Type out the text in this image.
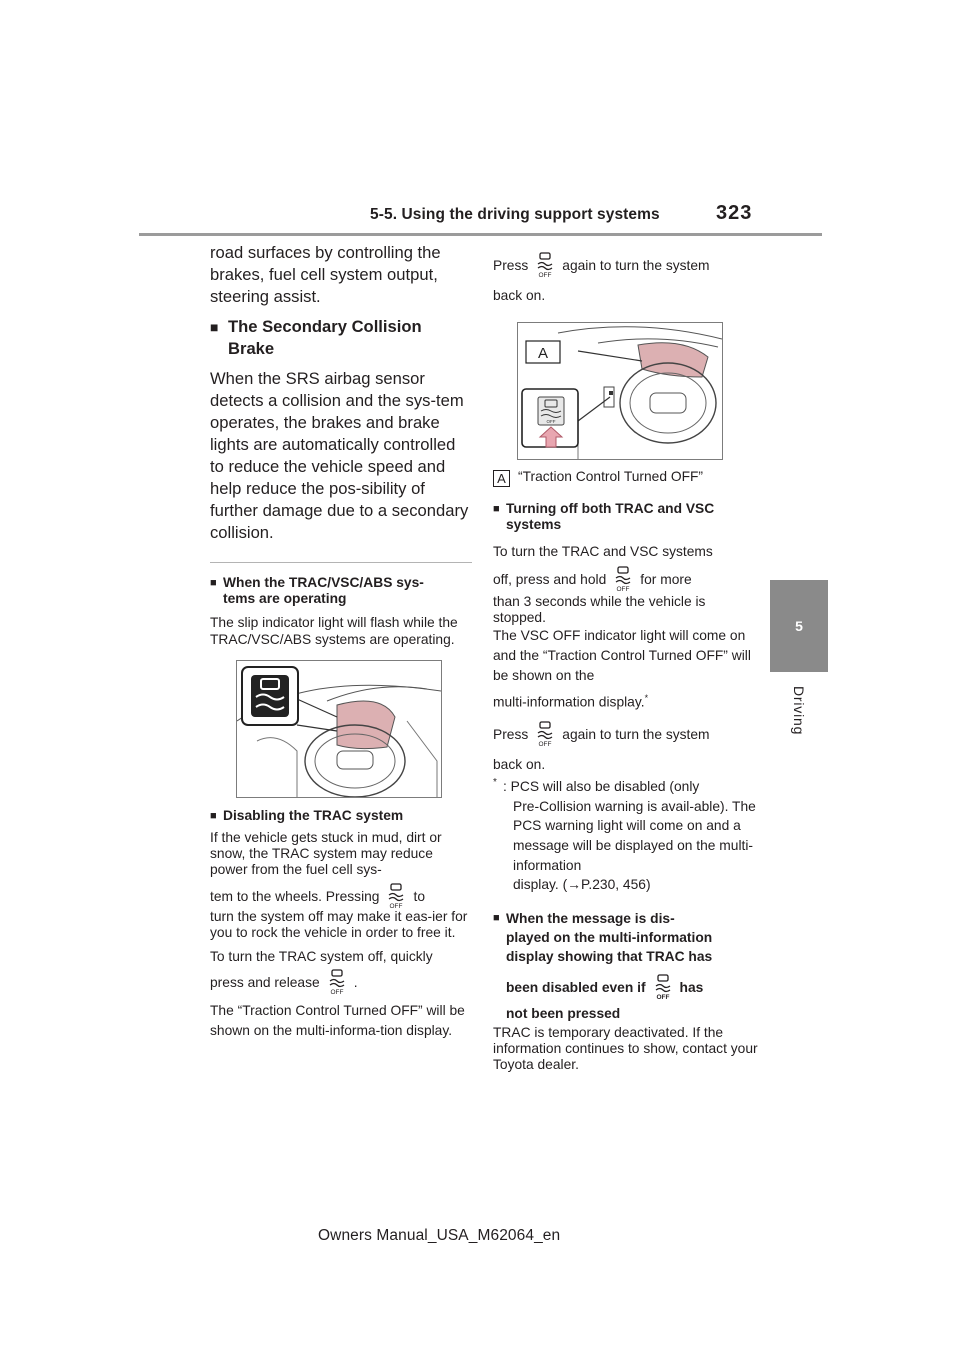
5-5. Using the driving support systems	323
5
Driving

road surfaces by controlling the brakes, fuel cell system output, steering assist.

■ The Secondary Collision
Brake

When the SRS airbag sensor detects a collision and the sys-tem operates, the brakes and brake lights are automatically controlled to reduce the vehicle speed and help reduce the pos-sibility of further damage due to a secondary collision.

■ When the TRAC/VSC/ABS sys-
tems are operating

The slip indicator light will flash while the TRAC/VSC/ABS systems are operating.

■ Disabling the TRAC system

If the vehicle gets stuck in mud, dirt or snow, the TRAC system may reduce power from the fuel cell sys-

tem to the wheels. Pressing to

turn the system off may make it eas-ier for you to rock the vehicle in order to free it.

To turn the TRAC system off, quickly

press and release .

The “Traction Control Turned OFF” will be shown on the multi-informa-tion display.

Press again to turn the system

back on.

A
OFF
A “Traction Control Turned OFF”
■ Turning off both TRAC and VSC
systems

To turn the TRAC and VSC systems

off, press and hold for more

than 3 seconds while the vehicle is stopped.

The VSC OFF indicator light will come on and the “Traction Control Turned OFF” will be shown on the

multi-information display.*

Press again to turn the system

back on.

* : PCS will also be disabled (only
Pre-Collision warning is avail-able). The PCS warning light will come on and a message will be displayed on the multi-information
display. (→P.230, 456)
■ When the message is dis-
played on the multi-information
display showing that TRAC has
been disabled even if has
not been pressed

TRAC is temporary deactivated. If the information continues to show, contact your Toyota dealer.

Owners Manual_USA_M62064_en
